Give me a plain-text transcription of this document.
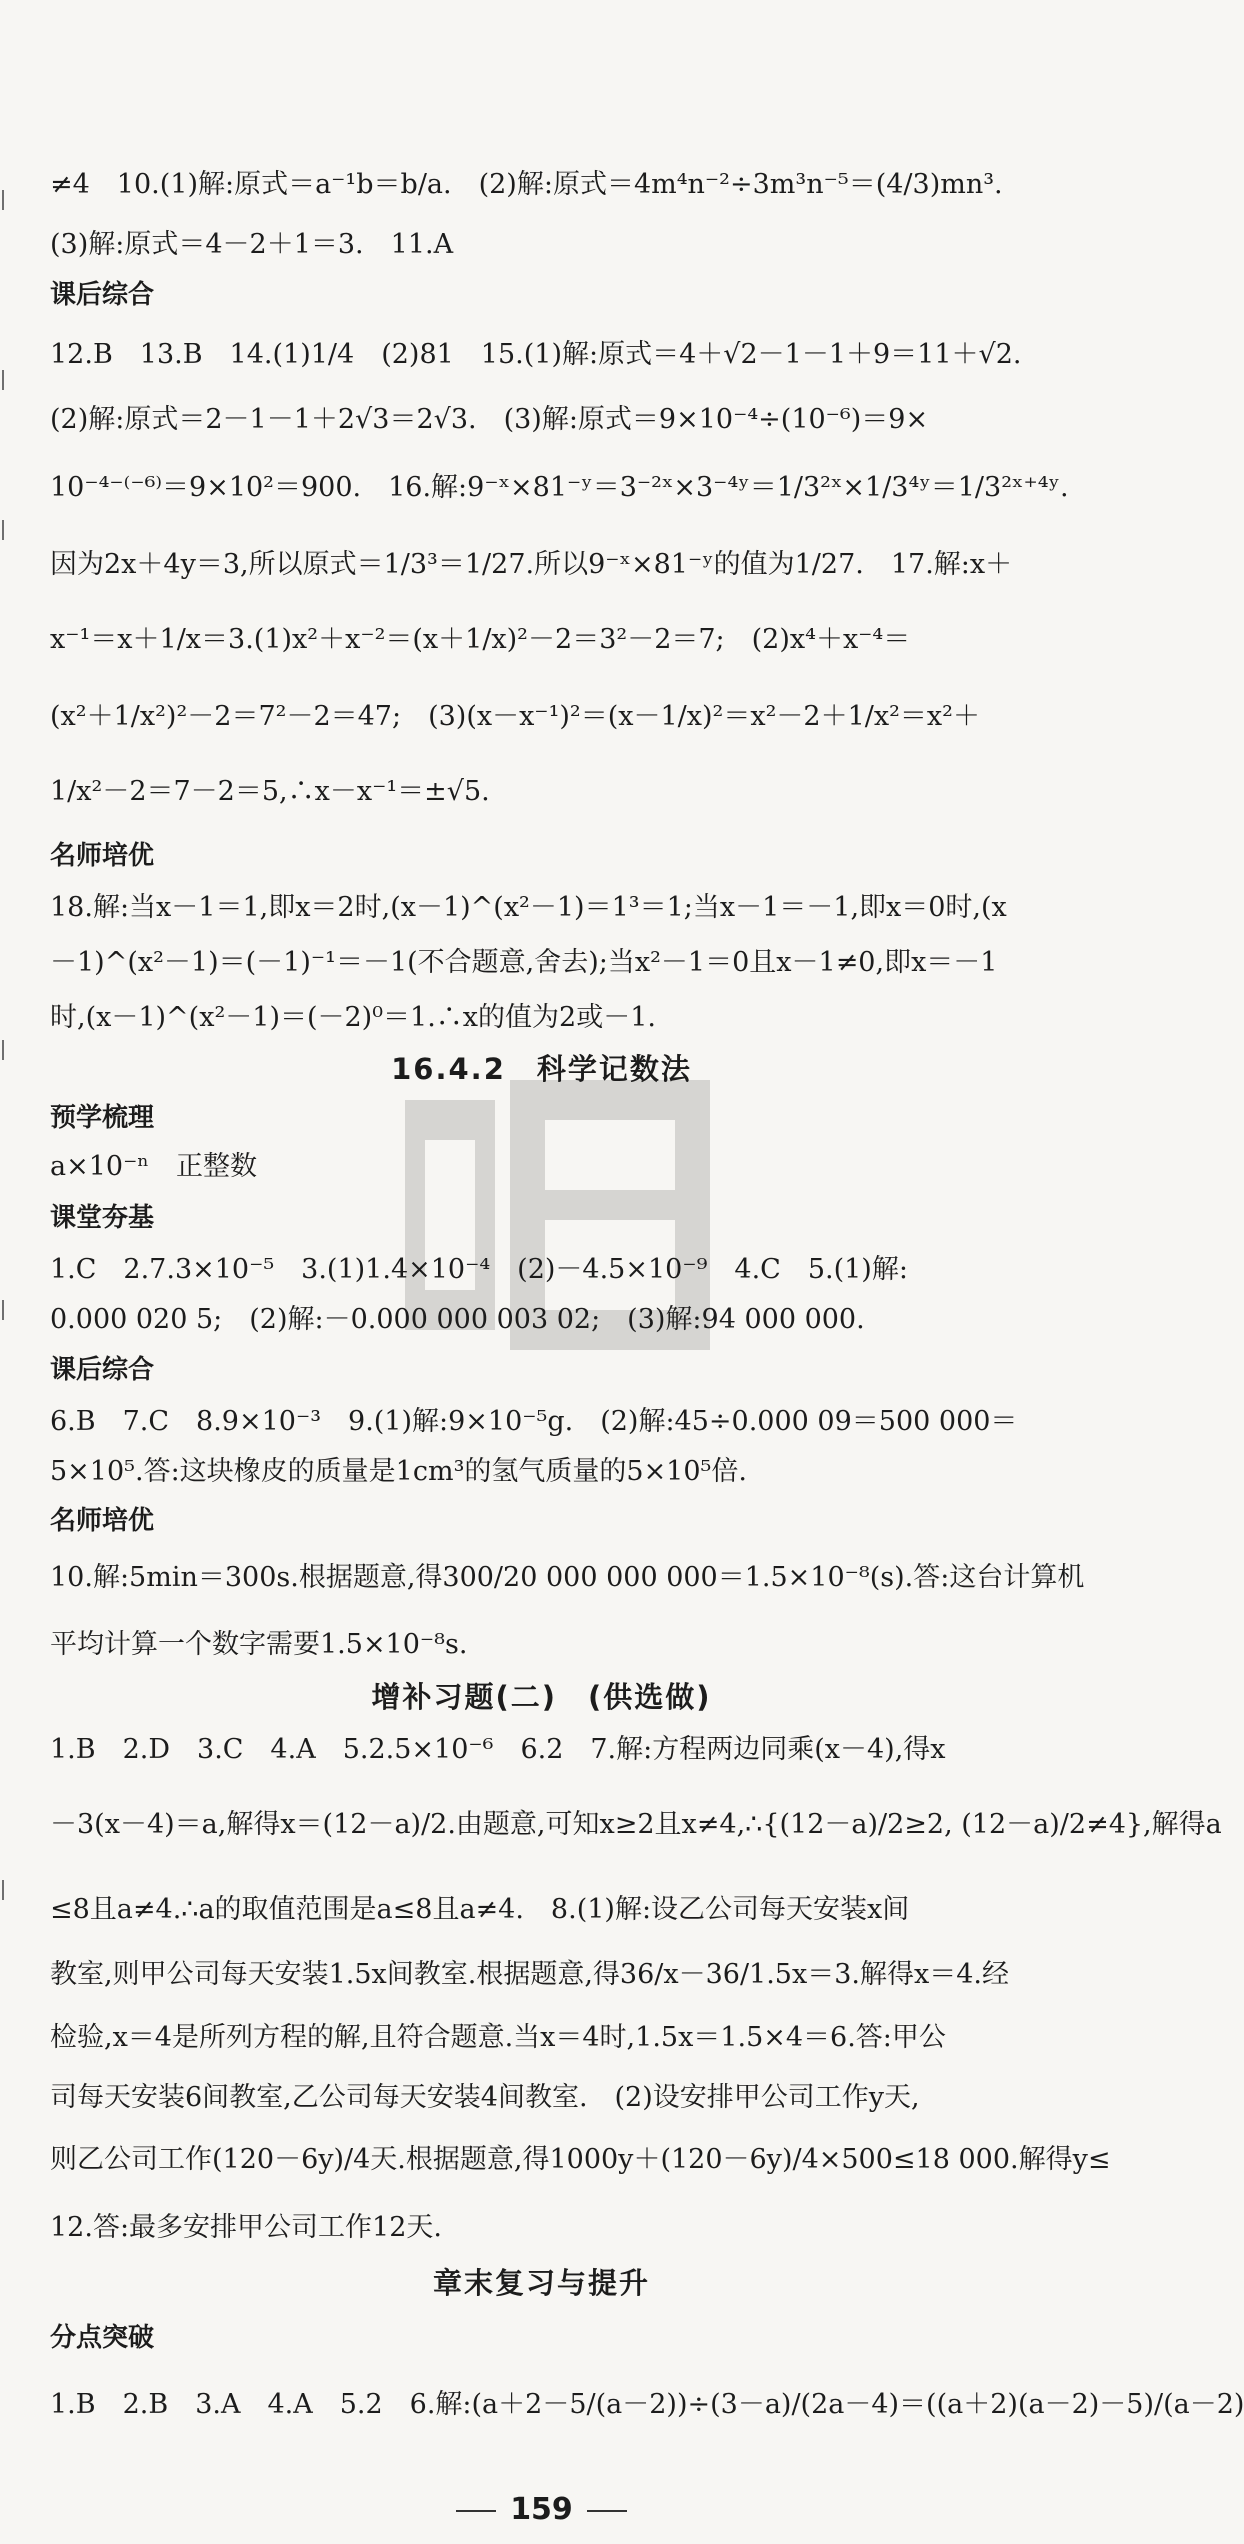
≠4　10.(1)解:原式＝a⁻¹b＝b/a.　(2)解:原式＝4m⁴n⁻²÷3m³n⁻⁵＝(4/3)mn³.
(3)解:原式＝4－2＋1＝3.　11.A
课后综合
12.B　13.B　14.(1)1/4　(2)81　15.(1)解:原式＝4＋√2－1－1＋9＝11＋√2.
(2)解:原式＝2－1－1＋2√3＝2√3.　(3)解:原式＝9×10⁻⁴÷(10⁻⁶)＝9×
10⁻⁴⁻⁽⁻⁶⁾＝9×10²＝900.　16.解:9⁻ˣ×81⁻ʸ＝3⁻²ˣ×3⁻⁴ʸ＝1/3²ˣ×1/3⁴ʸ＝1/3²ˣ⁺⁴ʸ.
因为2x＋4y＝3,所以原式＝1/3³＝1/27.所以9⁻ˣ×81⁻ʸ的值为1/27.　17.解:x＋
x⁻¹＝x＋1/x＝3.(1)x²＋x⁻²＝(x＋1/x)²－2＝3²－2＝7;　(2)x⁴＋x⁻⁴＝
(x²＋1/x²)²－2＝7²－2＝47;　(3)(x－x⁻¹)²＝(x－1/x)²＝x²－2＋1/x²＝x²＋
1/x²－2＝7－2＝5,∴x－x⁻¹＝±√5.
名师培优
18.解:当x－1＝1,即x＝2时,(x－1)^(x²－1)＝1³＝1;当x－1＝－1,即x＝0时,(x
－1)^(x²－1)＝(－1)⁻¹＝－1(不合题意,舍去);当x²－1＝0且x－1≠0,即x＝－1
时,(x－1)^(x²－1)＝(－2)⁰＝1.∴x的值为2或－1.
16.4.2　科学记数法
预学梳理
a×10⁻ⁿ　正整数
课堂夯基
1.C　2.7.3×10⁻⁵　3.(1)1.4×10⁻⁴　(2)－4.5×10⁻⁹　4.C　5.(1)解:
0.000 020 5;　(2)解:－0.000 000 003 02;　(3)解:94 000 000.
课后综合
6.B　7.C　8.9×10⁻³　9.(1)解:9×10⁻⁵g.　(2)解:45÷0.000 09＝500 000＝
5×10⁵.答:这块橡皮的质量是1cm³的氢气质量的5×10⁵倍.
名师培优
10.解:5min＝300s.根据题意,得300/20 000 000 000＝1.5×10⁻⁸(s).答:这台计算机
平均计算一个数字需要1.5×10⁻⁸s.
增补习题(二)　(供选做)
1.B　2.D　3.C　4.A　5.2.5×10⁻⁶　6.2　7.解:方程两边同乘(x－4),得x
－3(x－4)＝a,解得x＝(12－a)/2.由题意,可知x≥2且x≠4,∴{(12－a)/2≥2, (12－a)/2≠4},解得a
≤8且a≠4.∴a的取值范围是a≤8且a≠4.　8.(1)解:设乙公司每天安装x间
教室,则甲公司每天安装1.5x间教室.根据题意,得36/x－36/1.5x＝3.解得x＝4.经
检验,x＝4是所列方程的解,且符合题意.当x＝4时,1.5x＝1.5×4＝6.答:甲公
司每天安装6间教室,乙公司每天安装4间教室.　(2)设安排甲公司工作y天,
则乙公司工作(120－6y)/4天.根据题意,得1000y＋(120－6y)/4×500≤18 000.解得y≤
12.答:最多安排甲公司工作12天.
章末复习与提升
分点突破
1.B　2.B　3.A　4.A　5.2　6.解:(a＋2－5/(a－2))÷(3－a)/(2a－4)＝((a＋2)(a－2)－5)/(a－2)
159
